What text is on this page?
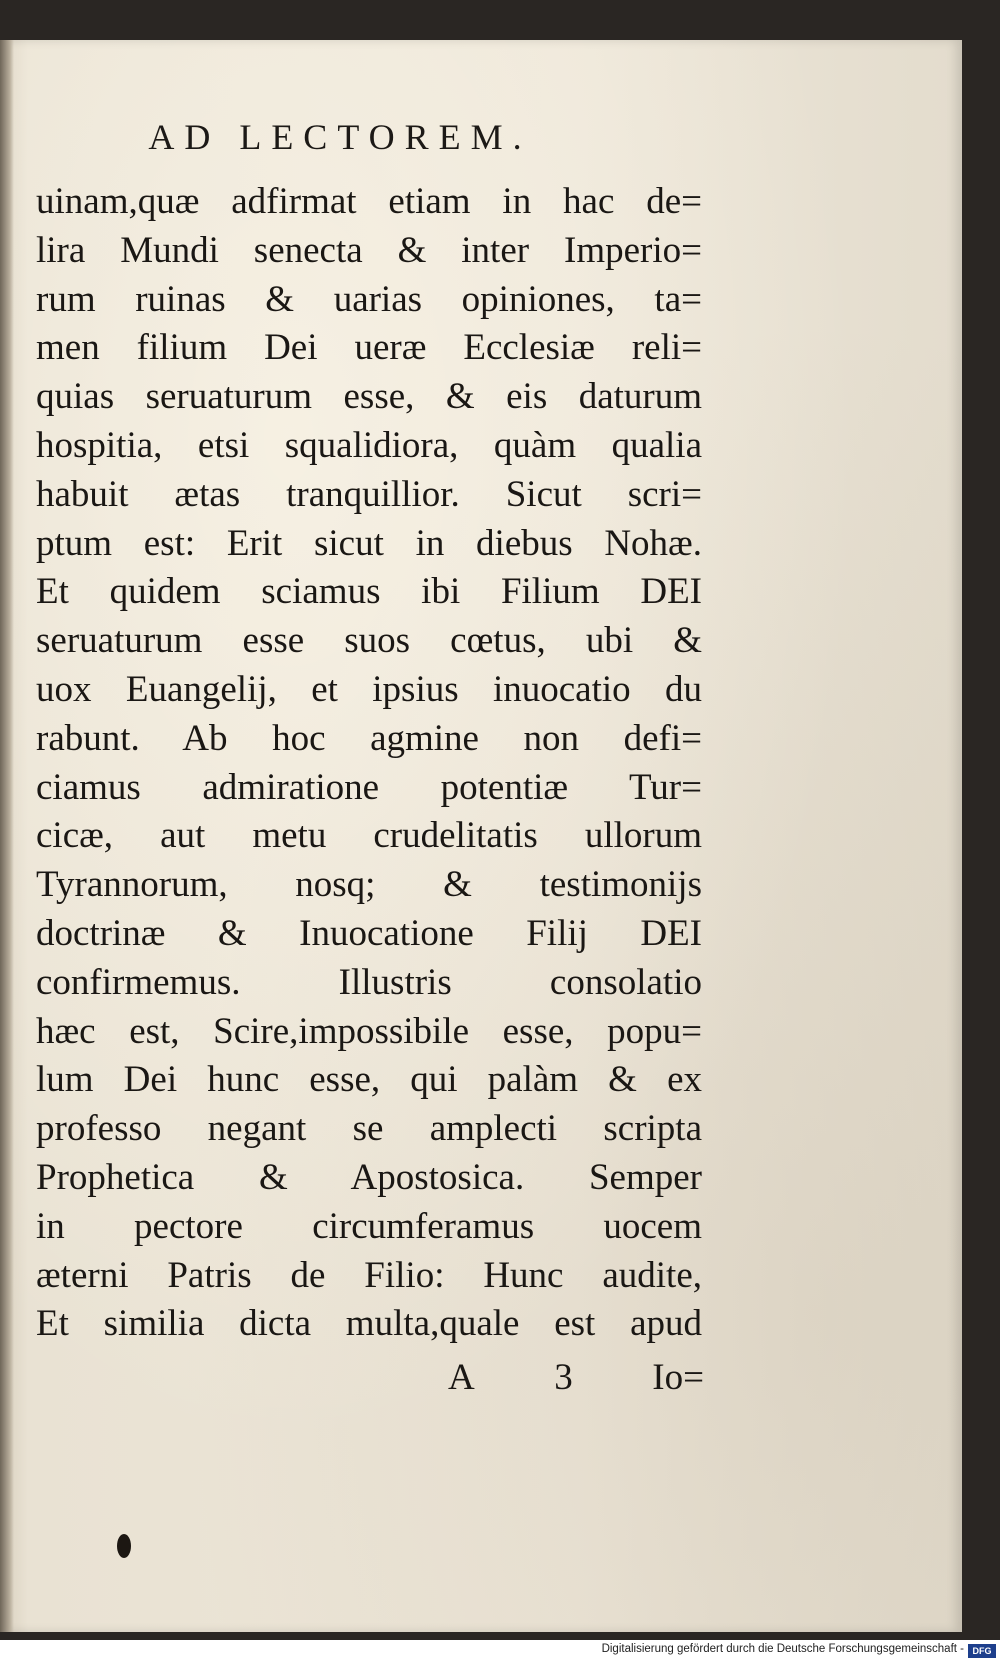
AD LECTOREM.
uinam,quæ adfirmat etiam in hac de=
lira Mundi senecta & inter Imperio=
rum ruinas & uarias opiniones, ta=
men filium Dei ueræ Ecclesiæ reli=
quias seruaturum esse, & eis daturum
hospitia, etsi squalidiora, quàm qualia
habuit ætas tranquillior. Sicut scri=
ptum est: Erit sicut in diebus Nohæ.
Et quidem sciamus ibi Filium DEI
seruaturum esse suos cœtus, ubi &
uox Euangelij, et ipsius inuocatio du
rabunt. Ab hoc agmine non defi=
ciamus admiratione potentiæ Tur=
cicæ, aut metu crudelitatis ullorum
Tyrannorum, nosq; & testimonijs
doctrinæ & Inuocatione Filij DEI
confirmemus. Illustris consolatio
hæc est, Scire,impossibile esse, popu=
lum Dei hunc esse, qui palàm & ex
professo negant se amplecti scripta
Prophetica & Apostosica. Semper
in pectore circumferamus uocem
æterni Patris de Filio: Hunc audite,
Et similia dicta multa,quale est apud
A 3 Io=
Digitalisierung gefördert durch die Deutsche Forschungsgemeinschaft - DFG
